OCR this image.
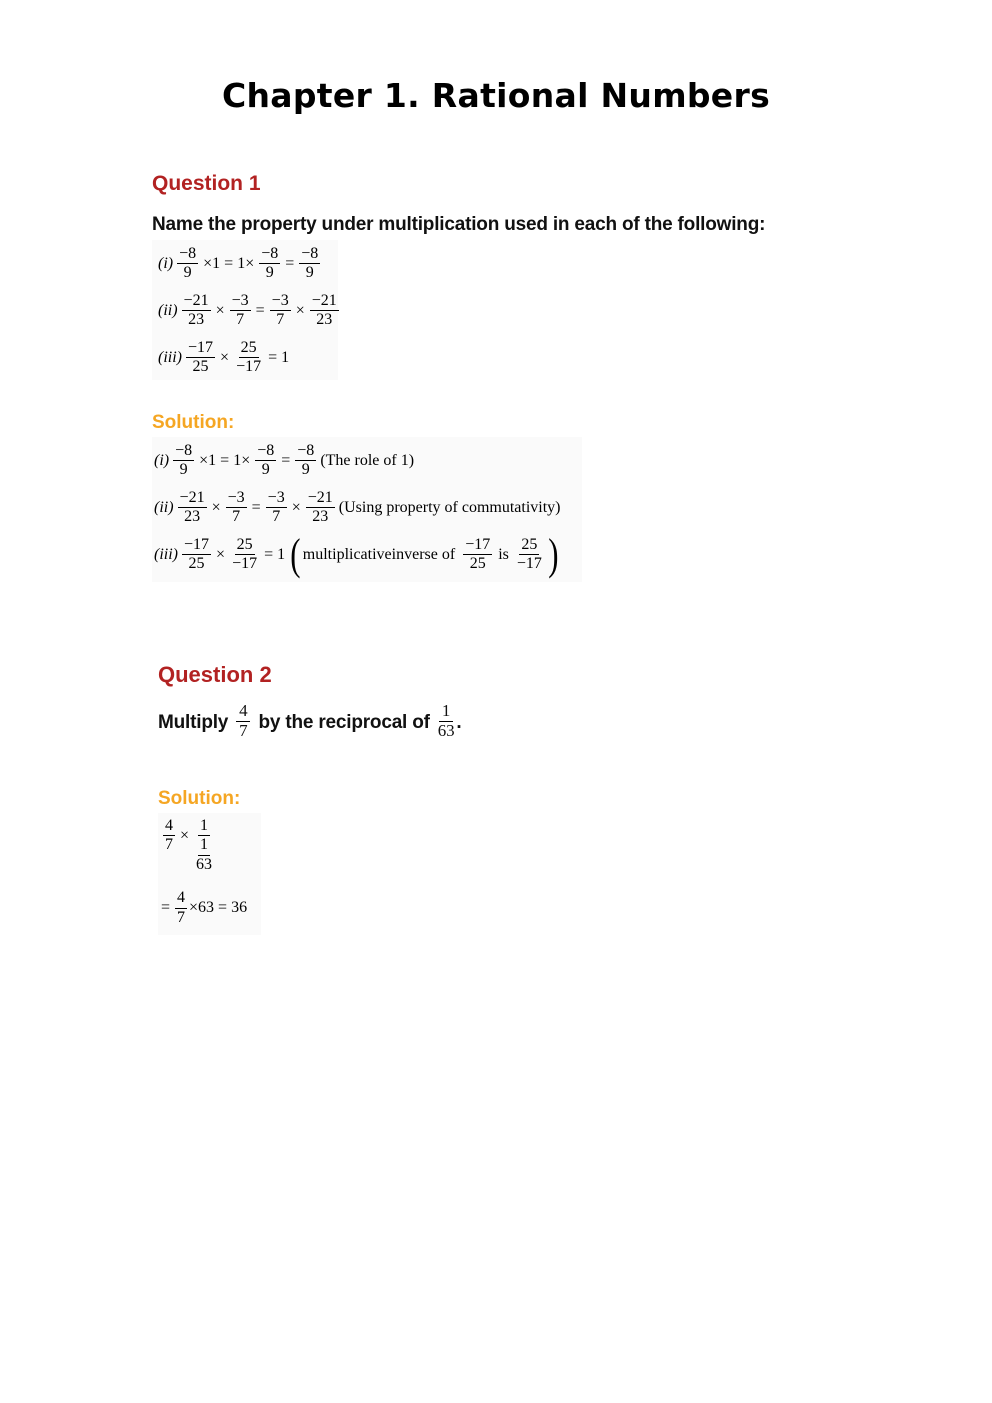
Chapter 1. Rational Numbers
Question 1
Name the property under multiplication used in each of the following:
$(i) \frac{-8}{9} \times 1 = 1\times \frac{-8}{9} = \frac{-8}{9}$
$(ii) \frac{-21}{23} \times \frac{-3}{7} = \frac{-3}{7} \times \frac{-21}{23}$
$(iii) \frac{-17}{25} \times \frac{25}{-17} = 1$
Solution:
$(i) \frac{-8}{9} \times 1 = 1\times \frac{-8}{9} = \frac{-8}{9} (The$ role of 1)
$(ii) \frac{-21}{23} \times \frac{-3}{7} = \frac{-3}{7} \times \frac{-21}{23} (Using$ property of commutativity)
$(iii) \frac{-17}{25} \times \frac{25}{-17} = 1$ ( multiplicativeinverse of $\frac{-17}{25}$ is $\frac{25}{-17}$ )
Question 2
Multiply $\frac{4}{7}$ by the reciprocal of $\frac{1}{63}$ .
Solution:
$\frac{4}{7} \times 1$
1
63
= $\frac{4}{7} \times 63 = 36$
